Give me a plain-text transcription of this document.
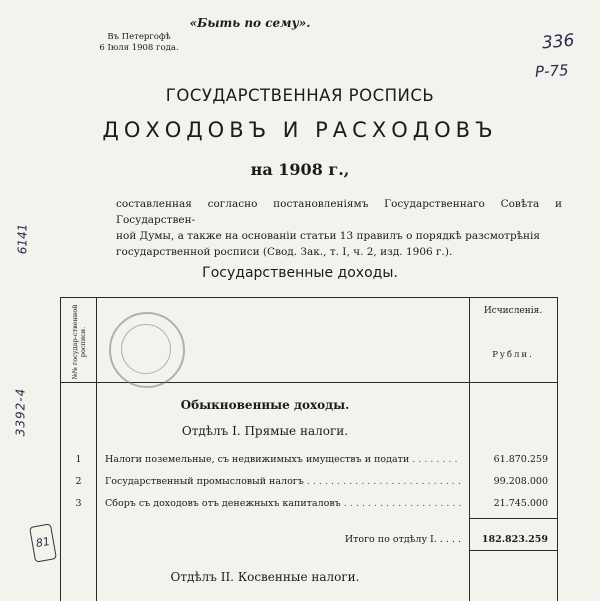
«Быть по сему».
Въ Петергофѣ
6 Іюля 1908 года.	336
Р-75
6141
3392-4
81
ГОСУДАРСТВЕННАЯ РОСПИСЬ
ДОХОДОВЪ И РАСХОДОВЪ
на 1908 г.,
составленная согласно постановленіямъ Государственнаго Совѣта и Государствен-
ной Думы, а также на основаніи статьи 13 правилъ о порядкѣ разсмотрѣнія
государственной росписи (Свод. Зак., т. I, ч. 2, изд. 1906 г.).
Государственные доходы.
№№ государ-ственной росписи.
Исчисленія.
Рубли.
Обыкновенные доходы.
Отдѣлъ I. Прямые налоги.
1	Налоги поземельные, съ недвижимыхъ имуществъ и подати . . .	61.870.259
2	Государственный промысловый налогъ . . .	99.208.000
3	Сборъ съ доходовъ отъ денежныхъ капиталовъ . . .	21.745.000
Итого по отдѣлу I. . . . .	182.823.259
Отдѣлъ II. Косвенные налоги.
